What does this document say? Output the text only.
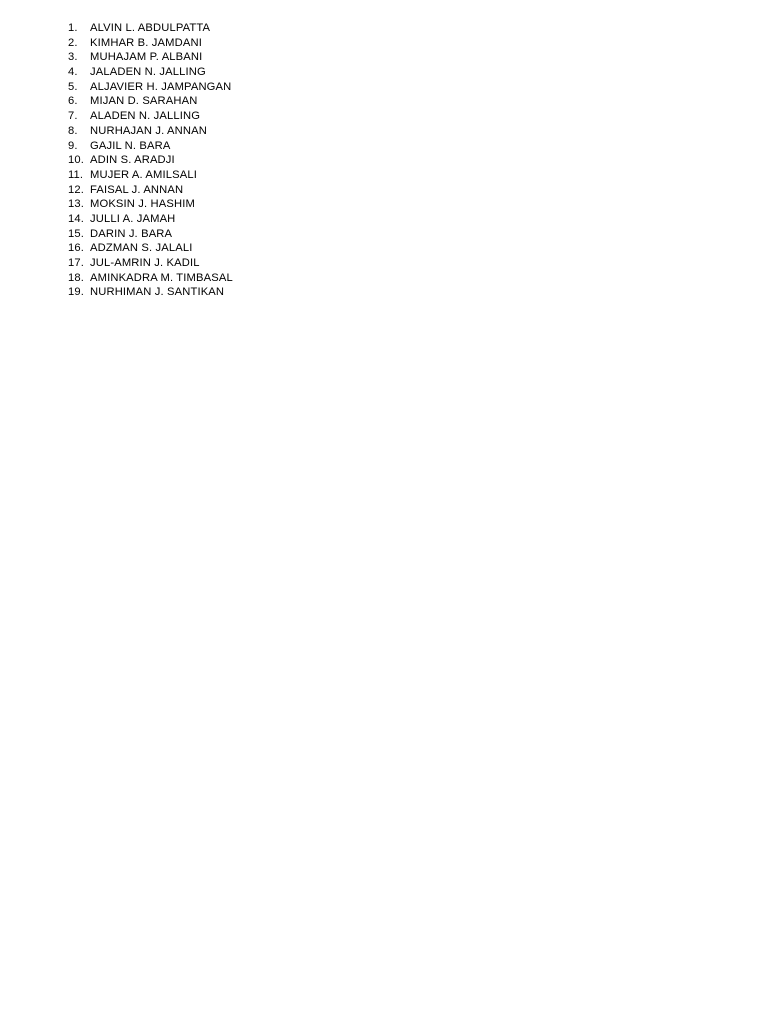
1.	ALVIN L. ABDULPATTA
2.	KIMHAR B. JAMDANI
3.	MUHAJAM P. ALBANI
4.	JALADEN N. JALLING
5.	ALJAVIER H. JAMPANGAN
6.	MIJAN D. SARAHAN
7.	ALADEN N. JALLING
8.	NURHAJAN J. ANNAN
9.	GAJIL N. BARA
10. ADIN S. ARADJI
11. MUJER A. AMILSALI
12. FAISAL J. ANNAN
13. MOKSIN J. HASHIM
14. JULLI A. JAMAH
15. DARIN J. BARA
16. ADZMAN S. JALALI
17. JUL-AMRIN J. KADIL
18. AMINKADRA M. TIMBASAL
19. NURHIMAN J. SANTIKAN
